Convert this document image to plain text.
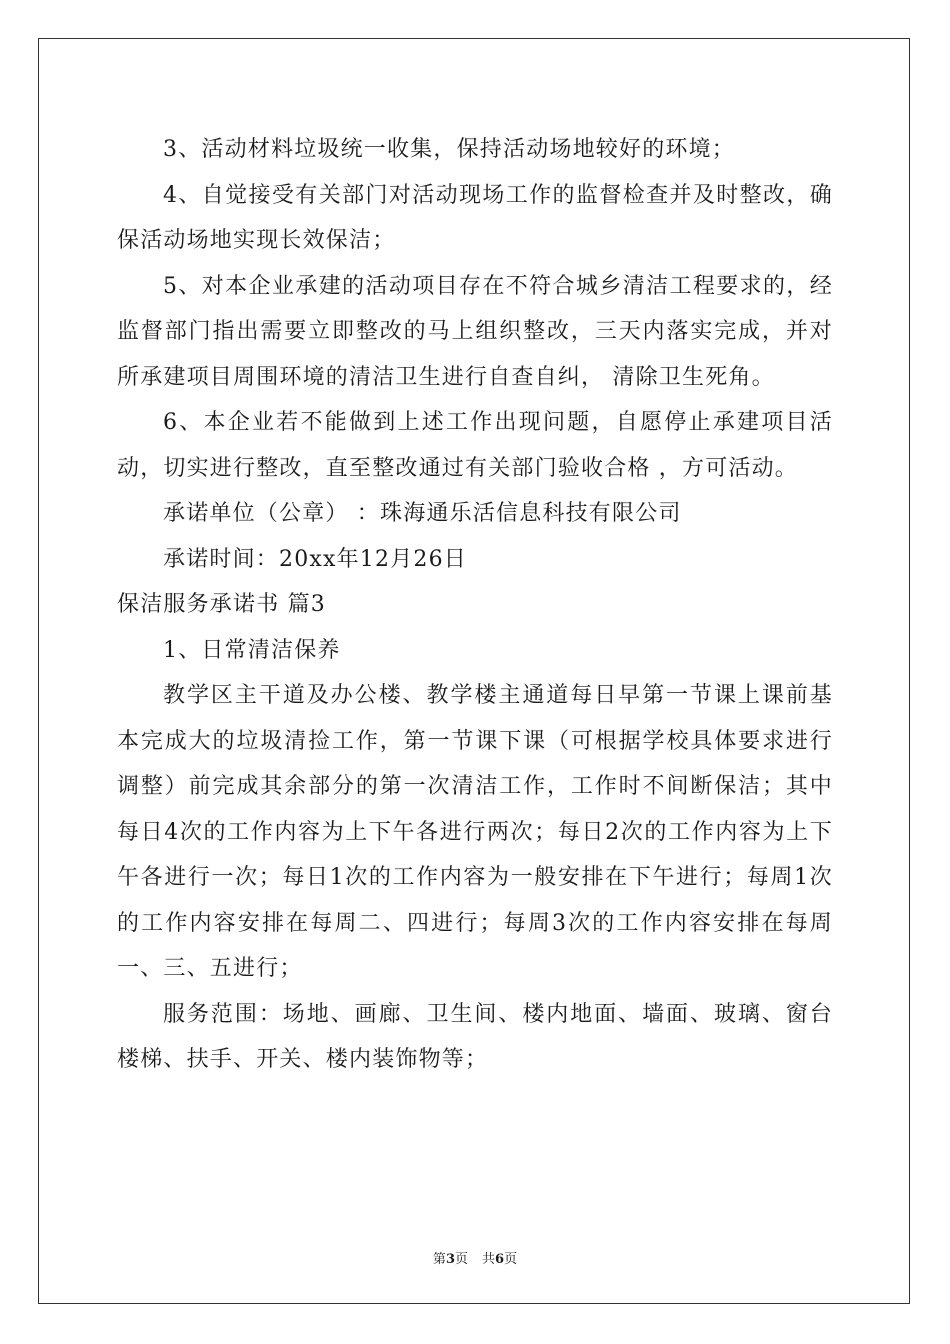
3、活动材料垃圾统一收集，保持活动场地较好的环境；

4、自觉接受有关部门对活动现场工作的监督检查并及时整改，确保活动场地实现长效保洁；

5、对本企业承建的活动项目存在不符合城乡清洁工程要求的，经监督部门指出需要立即整改的马上组织整改，三天内落实完成，并对所承建项目周围环境的清洁卫生进行自查自纠， 清除卫生死角。

6、本企业若不能做到上述工作出现问题，自愿停止承建项目活动，切实进行整改，直至整改通过有关部门验收合格 ，方可活动。

承诺单位（公章） ：珠海通乐活信息科技有限公司

承诺时间：20xx年12月26日

保洁服务承诺书 篇3

1、日常清洁保养

教学区主干道及办公楼、教学楼主通道每日早第一节课上课前基本完成大的垃圾清捡工作，第一节课下课（可根据学校具体要求进行调整）前完成其余部分的第一次清洁工作，工作时不间断保洁；其中每日4次的工作内容为上下午各进行两次；每日2次的工作内容为上下午各进行一次；每日1次的工作内容为一般安排在下午进行；每周1次的工作内容安排在每周二、四进行；每周3次的工作内容安排在每周一、三、五进行；

服务范围：场地、画廊、卫生间、楼内地面、墙面、玻璃、窗台楼梯、扶手、开关、楼内装饰物等；

第3页 共6页
